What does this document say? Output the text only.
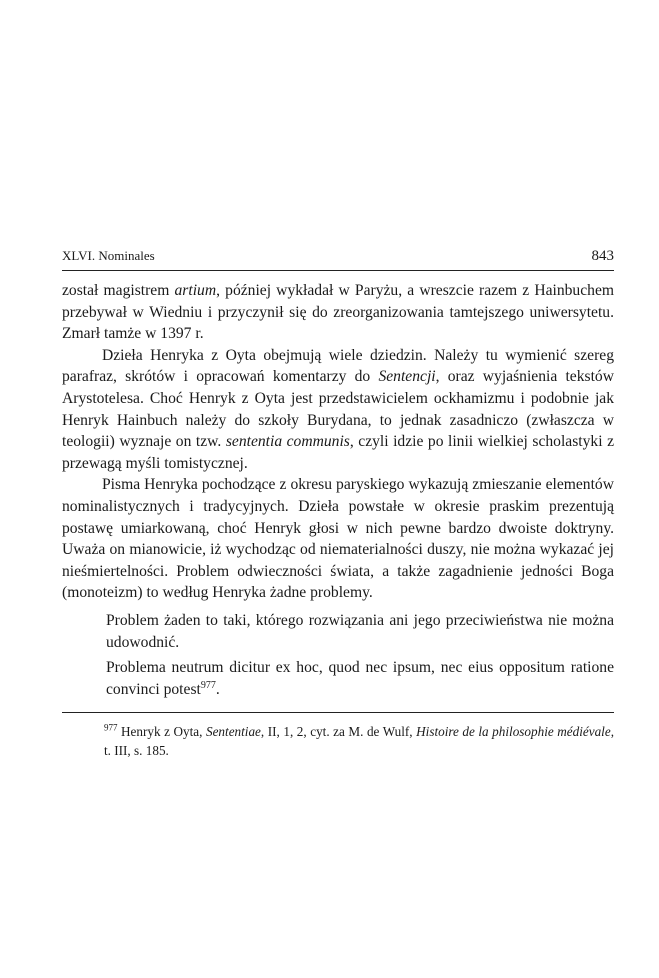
XLVI. Nominales	843

został magistrem artium, później wykładał w Paryżu, a wreszcie razem z Hainbuchem przebywał w Wiedniu i przyczynił się do zreorganizowania tamtejszego uniwersytetu. Zmarł tamże w 1397 r.

Dzieła Henryka z Oyta obejmują wiele dziedzin. Należy tu wymienić szereg parafraz, skrótów i opracowań komentarzy do Sentencji, oraz wyjaśnienia tekstów Arystotelesa. Choć Henryk z Oyta jest przedstawicielem ockhamizmu i podobnie jak Henryk Hainbuch należy do szkoły Burydana, to jednak zasadniczo (zwłaszcza w teologii) wyznaje on tzw. sententia communis, czyli idzie po linii wielkiej scholastyki z przewagą myśli tomistycznej.

Pisma Henryka pochodzące z okresu paryskiego wykazują zmieszanie elementów nominalistycznych i tradycyjnych. Dzieła powstałe w okresie praskim prezentują postawę umiarkowaną, choć Henryk głosi w nich pewne bardzo dwoiste doktryny. Uważa on mianowicie, iż wychodząc od niematerialności duszy, nie można wykazać jej nieśmiertelności. Problem odwieczności świata, a także zagadnienie jedności Boga (monoteizm) to według Henryka żadne problemy.

Problem żaden to taki, którego rozwiązania ani jego przeciwieństwa nie można udowodnić.

Problema neutrum dicitur ex hoc, quod nec ipsum, nec eius oppositum ratione convinci potest$^{977}$.

$^{977}$ Henryk z Oyta, Sententiae, II, 1, 2, cyt. za M. de Wulf, Histoire de la philosophie médiévale, t. III, s. 185.
